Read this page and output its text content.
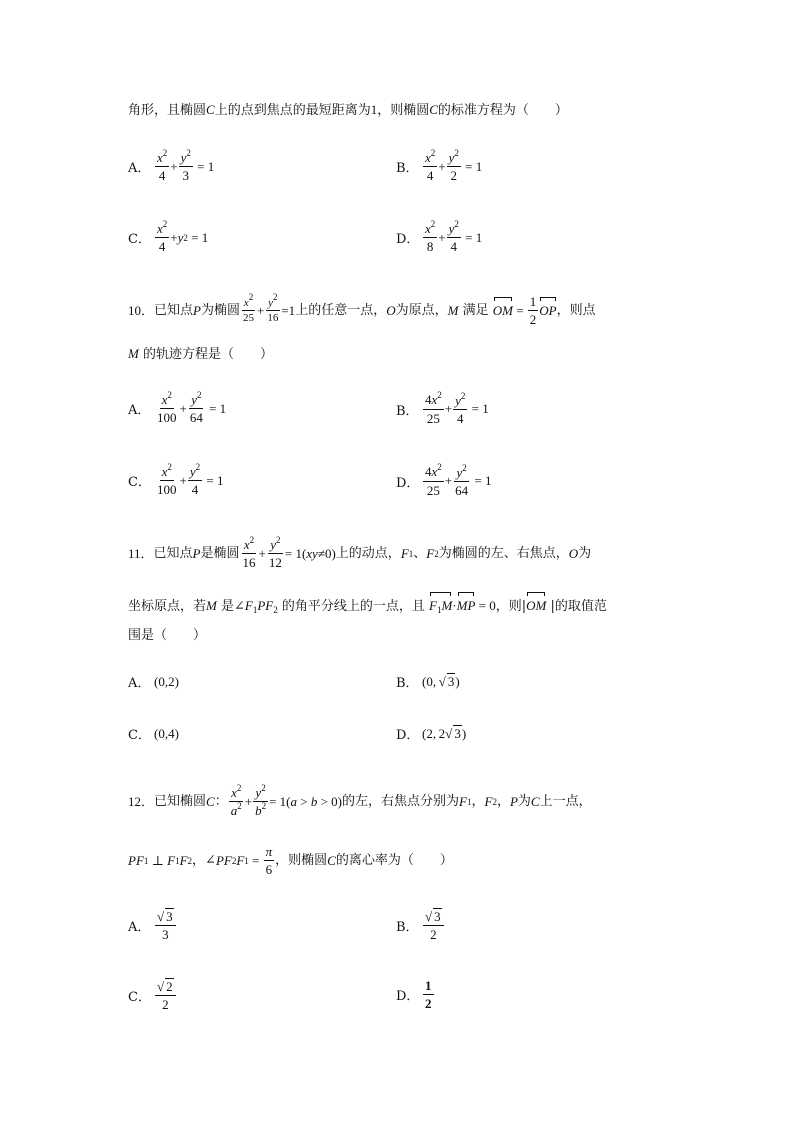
角形，且椭圆C上的点到焦点的最短距离为1，则椭圆C的标准方程为（　　）
A． $\frac{x^2}{4} + \frac{y^2}{3} = 1$	B． $\frac{x^2}{4} + \frac{y^2}{2} = 1$
C． $\frac{x^2}{4} + y$ 2 = 1	D． $\frac{x^2}{8} + \frac{y^2}{4} = 1$
10． 已知点 P 为椭圆 $\frac{x^2}{25} + \frac{y^2}{16} =1$ 上的任意一点， O 为原点， M 满足 OM = $\frac{1}{2}$ OP ，则点
M 的轨迹方程是（　　）
A． $\frac{x^2}{100} + \frac{y^2}{64} = 1$	B． $\frac{4x^2}{25} + \frac{y^2}{4} = 1$
C． $\frac{x^2}{100} + \frac{y^2}{4} = 1$	D． $\frac{4x^2}{25} + \frac{y^2}{64} = 1$
11． 已知点 P 是椭圆 $\frac{x^2}{16} + \frac{y^2}{12} = 1$( xy ≠0) 上的动点， F 1 、 F 2 为椭圆的左、右焦点， O 为
坐标原点，若M 是$\angle F_1PF_2$ 的角平分线上的一点，且 $F_1M\cdot MP = 0$，则|OM |的取值范
围是（　　）
A． (0,2)	B． (0, √ 3)
C． (0,4)	D． (2, 2√ 3)
12． 已知椭圆 C ： $\frac{x^2}{a^2} + \frac{y^2}{b^2} = 1$( a > b > 0) 的左，右焦点分别为 F 1 ， F 2 ， P 为 C 上一点，
PF 1 ⊥ F 1 F 2 ，∠ PF 2 F $1 = \frac{\pi}{6}$ ，则椭圆 C 的离心率为（　　）
A． $\frac{√ 3}{3}$	B． $\frac{√ 3}{2}$
C． $\frac{√ 2}{2}$	D． $\frac{1}{2}$
